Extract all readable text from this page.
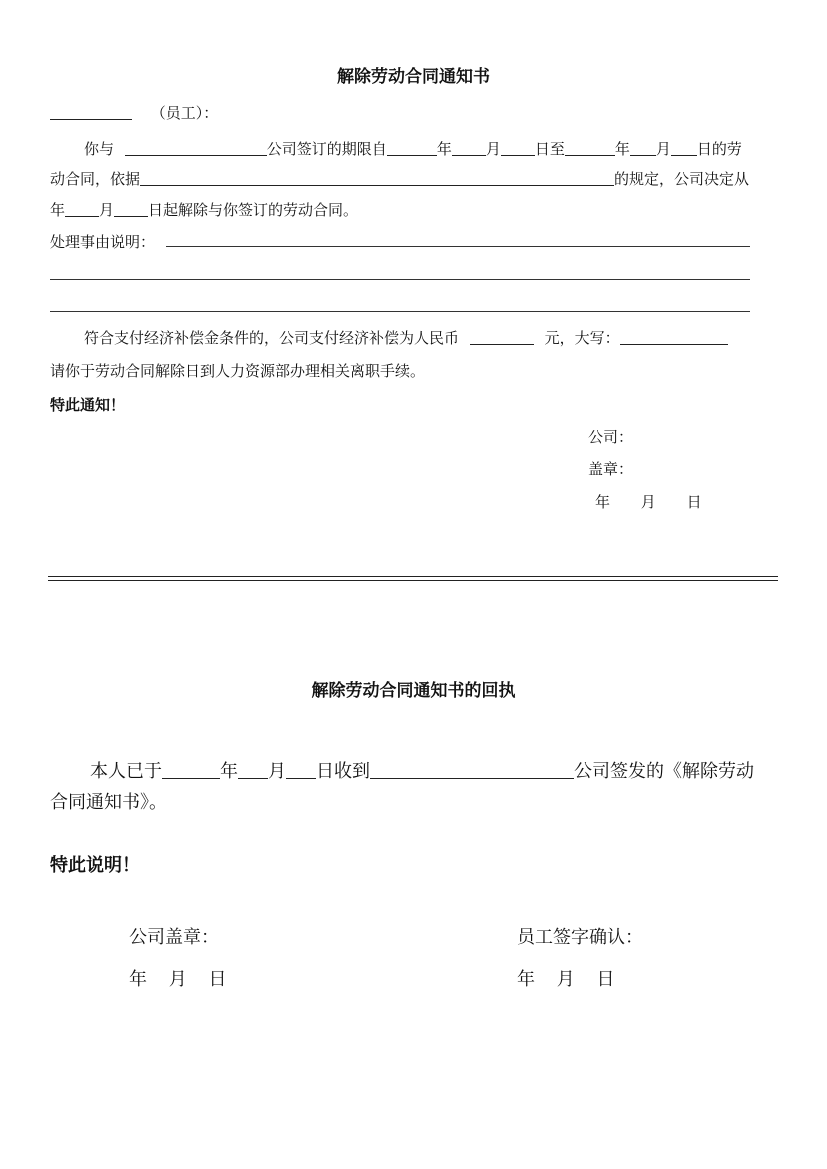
解除劳动合同通知书
（员工）：
你与	公司签订的期限自	年 月 日至	年 月 日的劳
动合同，依据	的规定，公司决定从
年 月 日起解除与你签订的劳动合同。
处理事由说明：
符合支付经济补偿金条件的，公司支付经济补偿为人民币	元，大写：
请你于劳动合同解除日到人力资源部办理相关离职手续。
特此通知！
公司：
盖章：
年 月 日
解除劳动合同通知书的回执
本人已于	年 月 日收到	公司签发的《解除劳动
合同通知书》。
特此说明！
公司盖章：	员工签字确认：
年 月 日	年 月 日
